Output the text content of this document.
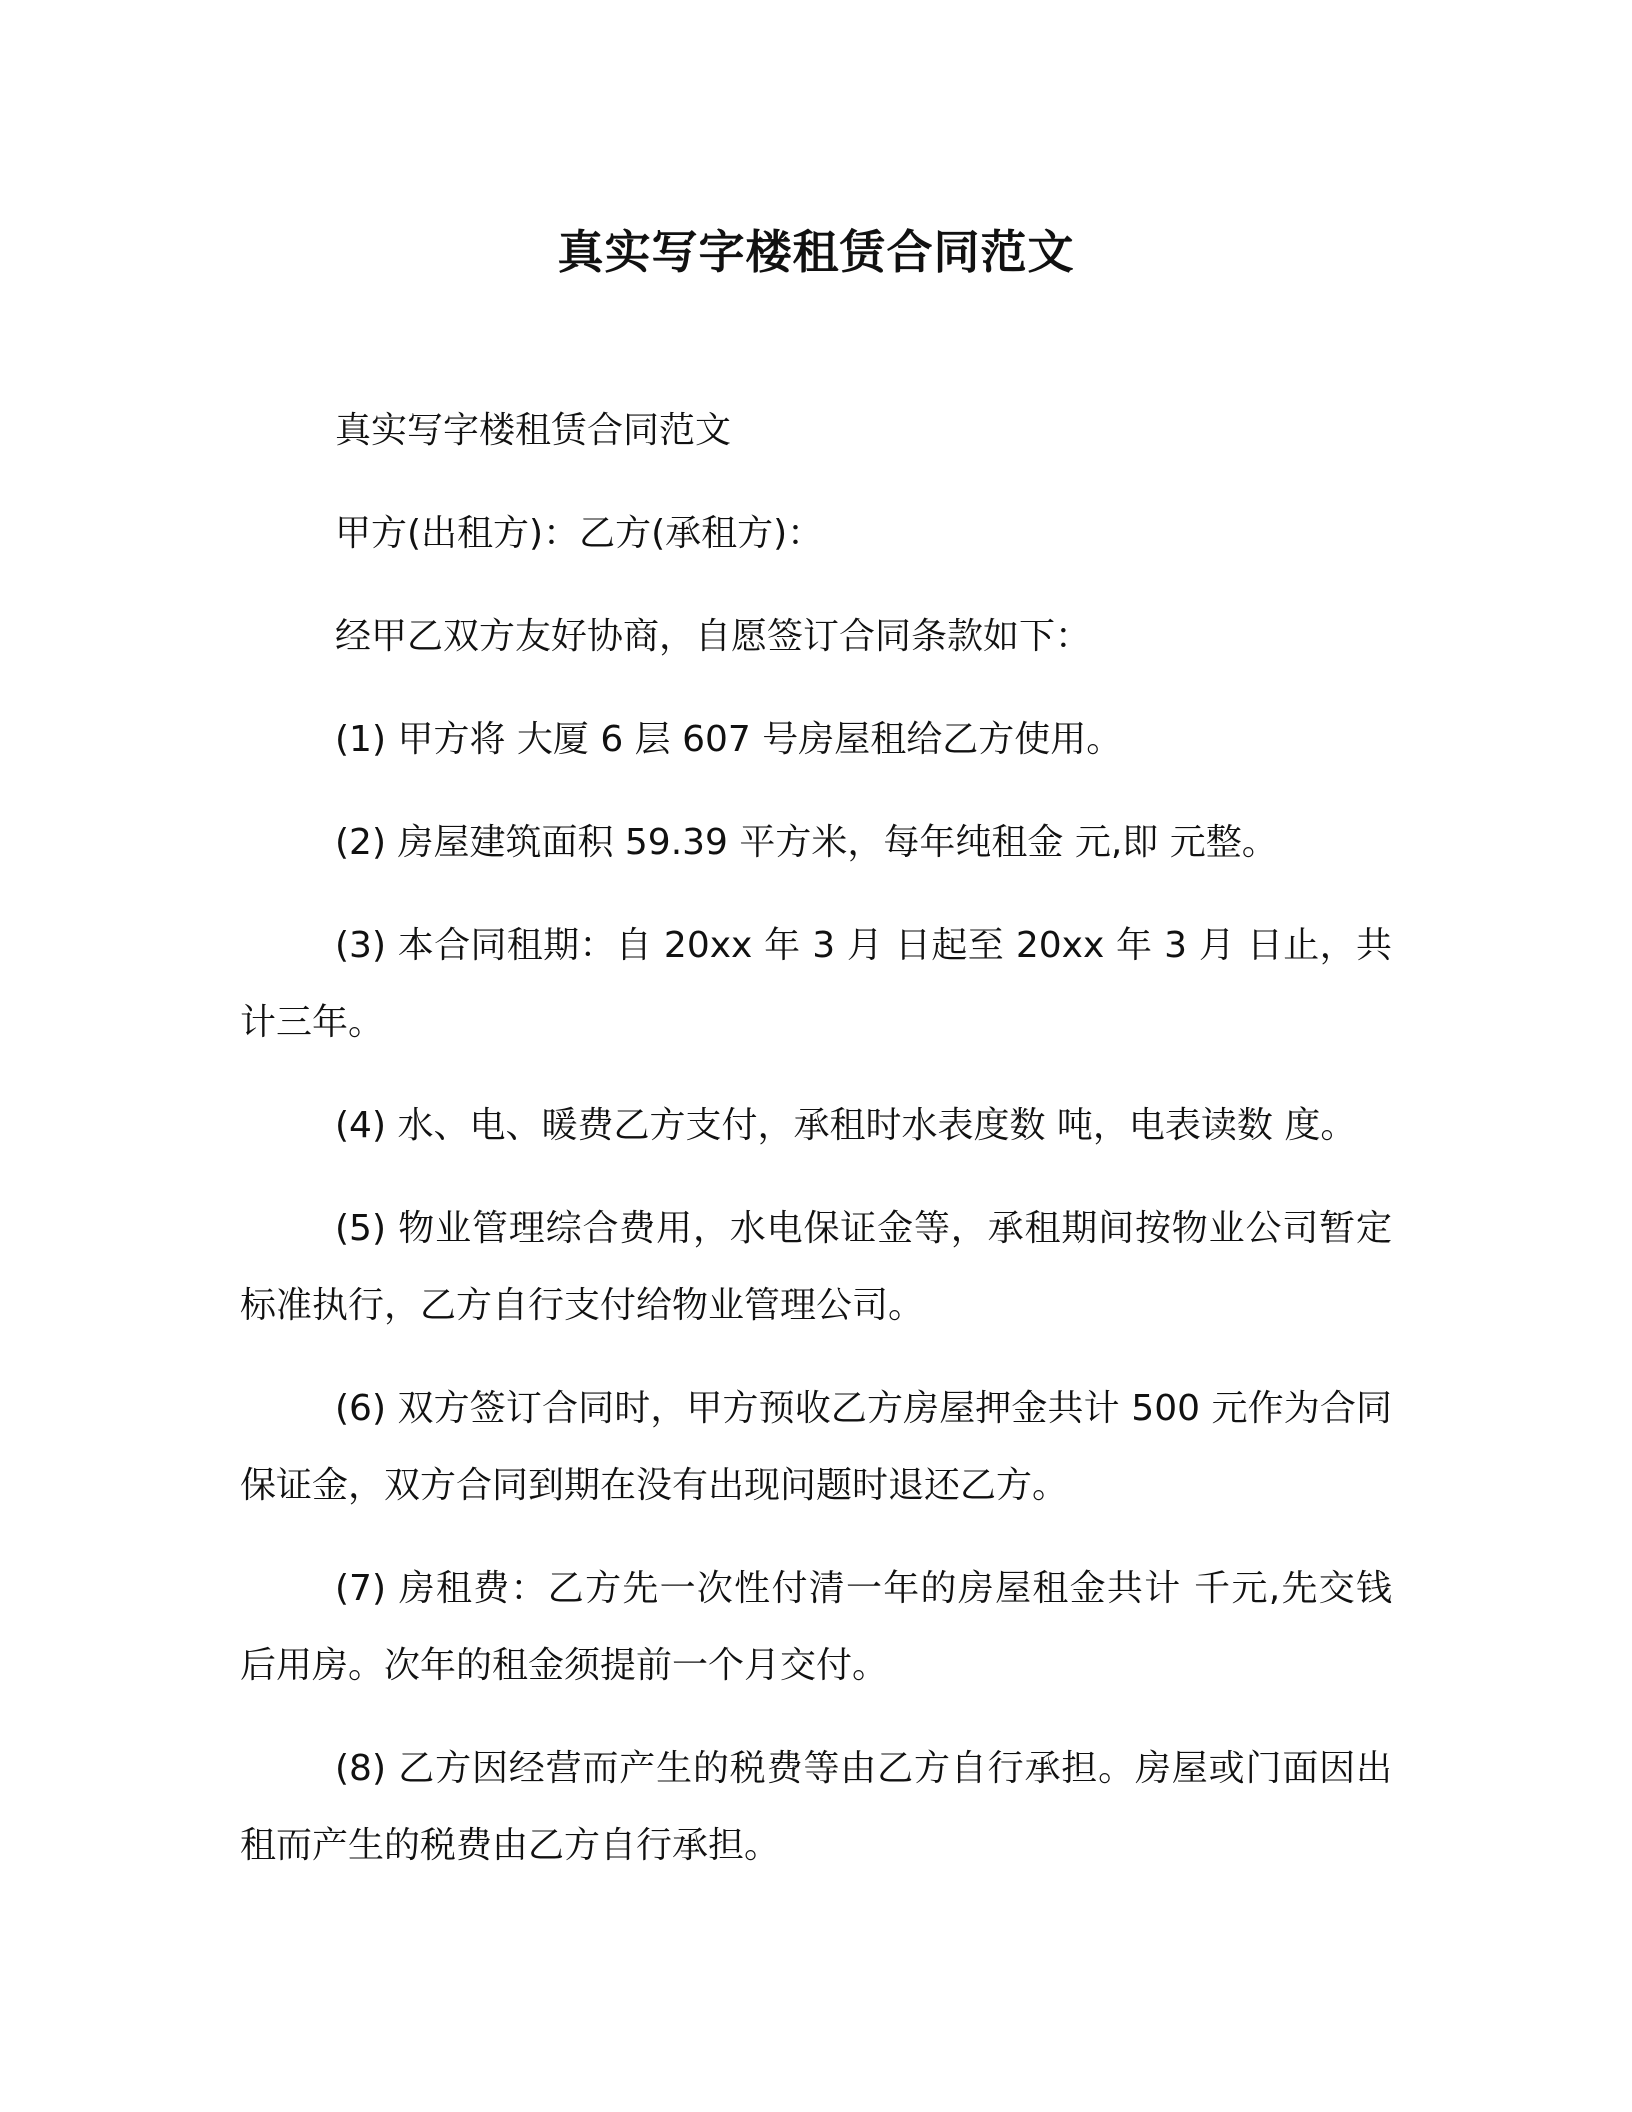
真实写字楼租赁合同范文

真实写字楼租赁合同范文

甲方(出租方)：乙方(承租方)：

经甲乙双方友好协商，自愿签订合同条款如下：

(1) 甲方将 大厦 6 层 607 号房屋租给乙方使用。

(2) 房屋建筑面积 59.39 平方米，每年纯租金 元,即 元整。

(3) 本合同租期：自 20xx 年 3 月 日起至 20xx 年 3 月 日止，共计三年。

(4) 水、电、暖费乙方支付，承租时水表度数 吨，电表读数 度。

(5) 物业管理综合费用，水电保证金等，承租期间按物业公司暂定标准执行，乙方自行支付给物业管理公司。

(6) 双方签订合同时，甲方预收乙方房屋押金共计 500 元作为合同保证金，双方合同到期在没有出现问题时退还乙方。

(7) 房租费：乙方先一次性付清一年的房屋租金共计 千元,先交钱后用房。次年的租金须提前一个月交付。

(8) 乙方因经营而产生的税费等由乙方自行承担。房屋或门面因出租而产生的税费由乙方自行承担。
